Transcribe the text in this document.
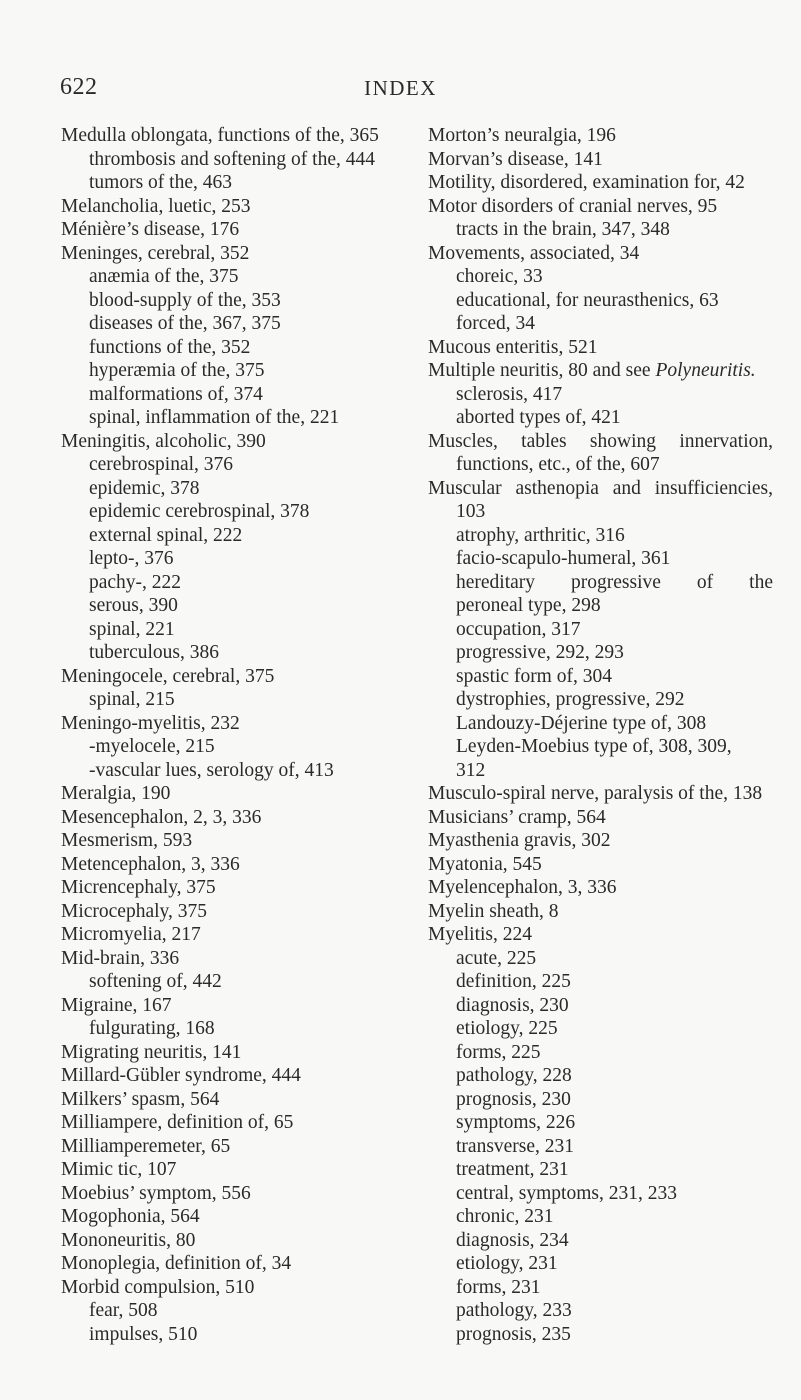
622	INDEX
Medulla oblongata, functions of the, 365
thrombosis and softening of the, 444
tumors of the, 463
Melancholia, luetic, 253
Ménière’s disease, 176
Meninges, cerebral, 352
anæmia of the, 375
blood-supply of the, 353
diseases of the, 367, 375
functions of the, 352
hyperæmia of the, 375
malformations of, 374
spinal, inflammation of the, 221
Meningitis, alcoholic, 390
cerebrospinal, 376
epidemic, 378
epidemic cerebrospinal, 378
external spinal, 222
lepto-, 376
pachy-, 222
serous, 390
spinal, 221
tuberculous, 386
Meningocele, cerebral, 375
spinal, 215
Meningo-myelitis, 232
-myelocele, 215
-vascular lues, serology of, 413
Meralgia, 190
Mesencephalon, 2, 3, 336
Mesmerism, 593
Metencephalon, 3, 336
Micrencephaly, 375
Microcephaly, 375
Micromyelia, 217
Mid-brain, 336
softening of, 442
Migraine, 167
fulgurating, 168
Migrating neuritis, 141
Millard-Gübler syndrome, 444
Milkers’ spasm, 564
Milliampere, definition of, 65
Milliamperemeter, 65
Mimic tic, 107
Moebius’ symptom, 556
Mogophonia, 564
Mononeuritis, 80
Monoplegia, definition of, 34
Morbid compulsion, 510
fear, 508
impulses, 510
Morton’s neuralgia, 196
Morvan’s disease, 141
Motility, disordered, examination for, 42
Motor disorders of cranial nerves, 95
tracts in the brain, 347, 348
Movements, associated, 34
choreic, 33
educational, for neurasthenics, 63
forced, 34
Mucous enteritis, 521
Multiple neuritis, 80 and see Polyneuritis.
sclerosis, 417
aborted types of, 421
Muscles, tables showing innervation,
functions, etc., of the, 607
Muscular asthenopia and insufficiencies,
103
atrophy, arthritic, 316
facio-scapulo-humeral, 361
hereditary progressive of the
peroneal type, 298
occupation, 317
progressive, 292, 293
spastic form of, 304
dystrophies, progressive, 292
Landouzy-Déjerine type of, 308
Leyden-Moebius type of, 308, 309,
312
Musculo-spiral nerve, paralysis of the, 138
Musicians’ cramp, 564
Myasthenia gravis, 302
Myatonia, 545
Myelencephalon, 3, 336
Myelin sheath, 8
Myelitis, 224
acute, 225
definition, 225
diagnosis, 230
etiology, 225
forms, 225
pathology, 228
prognosis, 230
symptoms, 226
transverse, 231
treatment, 231
central, symptoms, 231, 233
chronic, 231
diagnosis, 234
etiology, 231
forms, 231
pathology, 233
prognosis, 235
